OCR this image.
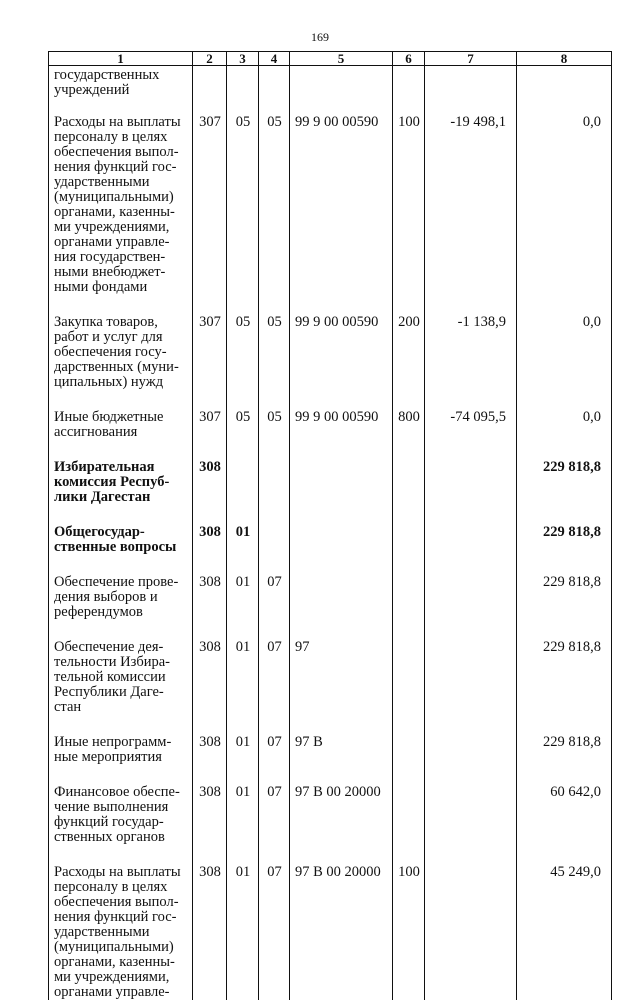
169
1	2	3	4	5	6	7	8
государственных учреждений							
Расходы на выплаты персоналу в целях обеспечения выпол-нения функций гос-ударственными (муниципальными) органами, казенны-ми учреждениями, органами управле-ния государствен-ными внебюджет-ными фондами	307	05	05	99 9 00 00590	100	-19 498,1	0,0
Закупка товаров, работ и услуг для обеспечения госу-дарственных (муни-ципальных) нужд	307	05	05	99 9 00 00590	200	-1 138,9	0,0
Иные бюджетные ассигнования	307	05	05	99 9 00 00590	800	-74 095,5	0,0
Избирательная комиссия Респуб-лики Дагестан	308						229 818,8
Общегосудар-ственные вопросы	308	01					229 818,8
Обеспечение прове-дения выборов и референдумов	308	01	07				229 818,8
Обеспечение дея-тельности Избира-тельной комиссии Республики Даге-стан	308	01	07	97			229 818,8
Иные непрограмм-ные мероприятия	308	01	07	97 В			229 818,8
Финансовое обеспе-чение выполнения функций государ-ственных органов	308	01	07	97 В 00 20000			60 642,0
Расходы на выплаты персоналу в целях обеспечения выпол-нения функций гос-ударственными (муниципальными) органами, казенны-ми учреждениями, органами управле-	308	01	07	97 В 00 20000	100		45 249,0
